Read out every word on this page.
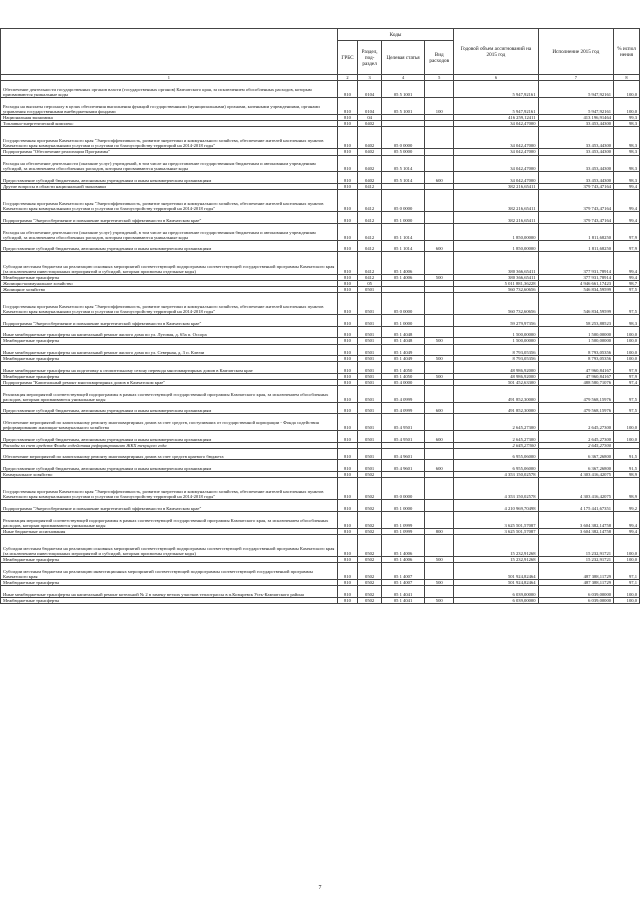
	Коды				Годовой объем ассигнований на 2015 год	Исполнение 2015 год	% испол нения
	ГРБС	Раздел, под-раздел	Целевая статья	Вид расходов			
1	2	3	4	5	6	7	8
Обеспечение деятельности государственных органов власти (государственных органов) Камчатского края, за исключением обособленных расходов, которым присваиваются уникальные коды	810	0104	05 5 1001		5 947,92161	5 947,92161	100,0
Расходы на выплаты персоналу в целях обеспечения выполнения функций государственными (муниципальными) органами, казенными учреждениями, органами управления государственными внебюджетными фондами	810	0104	05 5 1001	100	5 947,92161	5 947,92161	100,0
Национальная экономика	810	04			416 259,12411	413 196,91464	99,3
Топливно-энергетический комплекс	810	0402			34 042,47000	33 453,44300	98,3
Государственная программа Камчатского края "Энергоэффективность, развитие энергетики и коммунального хозяйства, обеспечение жителей населенных пунктов Камчатского края коммунальными услугами и услугами по благоустройству территорий на 2014-2018 годы"	810	0402	05 0 0000		34 042,47000	33 453,44300	98,3
Подпрограмма "Обеспечение реализации Программы"	810	0402	05 5 0000		34 042,47000	33 453,44300	98,3
Расходы на обеспечение деятельности (оказание услуг) учреждений, в том числе на предоставление государственным бюджетным и автономным учреждениям субсидий, за исключением обособленных расходов, которым присваиваются уникальные коды	810	0402	05 5 1014		34 042,47000	33 453,44300	98,3
Предоставление субсидий бюджетным, автономным учреждениям и иным некоммерческим организациям	810	0402	05 5 1014	600	34 042,47000	33 453,44300	98,3
Другие вопросы в области национальной экономики	810	0412			382 216,65411	379 743,47164	99,4
Государственная программа Камчатского края "Энергоэффективность, развитие энергетики и коммунального хозяйства, обеспечение жителей населенных пунктов Камчатского края коммунальными услугами и услугами по благоустройству территорий на 2014-2018 годы"	810	0412	05 0 0000		382 216,65411	379 743,47164	99,4
Подпрограмма "Энергосбережение и повышение энергетической эффективности в Камчатском крае"	810	0412	05 1 0000		382 216,65411	379 743,47164	99,4
Расходы на обеспечение деятельности (оказание услуг) учреждений, в том числе на предоставление государственным бюджетным и автономным учреждениям субсидий, за исключением обособленных расходов, которым присваиваются уникальные коды	810	0412	05 1 1014		1 850,00000	1 811,68250	97,9
Предоставление субсидий бюджетным, автономным учреждениям и иным некоммерческим организациям	810	0412	05 1 1014	600	1 850,00000	1 811,68250	97,9
Субсидии местным бюджетам на реализацию основных мероприятий соответствующей подпрограммы соответствующей государственной программы Камчатского края (за исключением инвестиционных мероприятий и субсидий, которым присвоены отдельные коды)	810	0412	05 1 4006		380 366,65411	377 931,78914	99,4
Межбюджетные трансферты	810	0412	05 1 4006	500	380 366,65411	377 931,78914	99,4
Жилищно-коммунальное хозяйство	810	05			5 011 881,36228	4 946 661,17423	98,7
Жилищное хозяйство	810	0501			560 732,60656	546 834,59599	97,5
Государственная программа Камчатского края "Энергоэффективность, развитие энергетики и коммунального хозяйства, обеспечение жителей населенных пунктов Камчатского края коммунальными услугами и услугами по благоустройству территорий на 2014-2018 годы"	810	0501	05 0 0000		560 732,60656	546 834,59599	97,5
Подпрограмма "Энергосбережение и повышение энергетической эффективности в Камчатском крае"	810	0501	05 1 0000		59 279,97356	58 253,88523	98,3
Иные межбюджетные трансферты на капитальный ремонт жилого дома по ул. Луговая, д. 65а п. Оссора	810	0501	05 1 4048		1 500,00000	1 500,00000	100,0
Межбюджетные трансферты	810	0501	05 1 4048	500	1 500,00000	1 500,00000	100,0
Иные межбюджетные трансферты на капитальный ремонт жилого дома по ул. Северная, д. 3 п. Ключи	810	0501	05 1 4049		8 793,05356	8 793,05356	100,0
Межбюджетные трансферты	810	0501	05 1 4049	500	8 793,05356	8 793,05356	100,0
Иные межбюджетные трансферты на подготовку к отопительному сезону перевода многоквартирных домов в Камчатском крае	810	0501	05 1 4050		48 986,92000	47 960,84167	97,9
Межбюджетные трансферты	810	0501	05 1 4050	500	48 986,92000	47 960,84167	97,9
Подпрограмма "Капитальный ремонт многоквартирных домов в Камчатском крае"	810	0501	05 4 0000		501 452,63300	488 580,71076	97,4
Реализация мероприятий соответствующей подпрограммы в рамках соответствующей государственной программы Камчатского края, за исключением обособленных расходов, которым присваиваются уникальные коды	810	0501	05 4 0999		491 852,30000	479 568,15976	97,5
Предоставление субсидий бюджетным, автономным учреждениям и иным некоммерческим организациям	810	0501	05 4 0999	600	491 852,30000	479 568,15976	97,5
Обеспечение мероприятий по капитальному ремонту многоквартирных домов за счет средств, поступивших от государственной корпорации - Фонда содействия реформированию жилищно-коммунального хозяйства	810	0501	05 4 9501		2 645,27300	2 645,27300	100,0
Предоставление субсидий бюджетным, автономным учреждениям и иным некоммерческим организациям	810	0501	05 4 9501	600	2 645,27300	2 645,27300	100,0
Расходы за счет средств Фонда содействия реформированию ЖКХ текущего года					2 645,27300	2 645,27300	
Обеспечение мероприятий по капитальному ремонту многоквартирных домов за счет средств краевого бюджета	810	0501	05 4 9601		6 955,06000	6 367,26800	91,5
Предоставление субсидий бюджетным, автономным учреждениям и иным некоммерческим организациям	810	0501	05 4 9601	600	6 955,06000	6 367,26800	91,5
Коммунальное хозяйство	810	0502			4 353 150,02578	4 303 416,42075	98,9
Государственная программа Камчатского края "Энергоэффективность, развитие энергетики и коммунального хозяйства, обеспечение жителей населенных пунктов Камчатского края коммунальными услугами и услугами по благоустройству территорий на 2014-2018 годы"	810	0502	05 0 0000		4 353 150,02578	4 303 416,42075	98,9
Подпрограмма "Энергосбережение и повышение энергетической эффективности в Камчатском крае"	810	0502	05 1 0000		4 210 969,70498	4 175 441,67351	99,2
Реализация мероприятий соответствующей подпрограммы в рамках соответствующей государственной программы Камчатского края, за исключением обособленных расходов, которым присваиваются уникальные коды	810	0502	05 1 0999		3 625 501,57087	3 604 382,14758	99,4
Иные бюджетные ассигнования	810	0502	05 1 0999	800	3 625 501,57087	3 604 382,14758	99,4
Субсидии местным бюджетам на реализацию основных мероприятий соответствующей подпрограммы соответствующей государственной программы Камчатского края (за исключением инвестиционных мероприятий и субсидий, которым присвоены отдельные коды)	810	0502	05 1 4006		15 232,91268	15 232,91721	100,0
Межбюджетные трансферты	810	0502	05 1 4006	500	15 232,91268	15 232,91721	100,0
Субсидии местным бюджетам на реализацию инвестиционных мероприятий соответствующей подпрограммы соответствующей государственной программы Камчатского края	810	0502	05 1 4007		501 924,82464	487 388,11729	97,1
Межбюджетные трансферты	810	0502	05 1 4007	500	501 924,82464	487 388,11729	97,1
Иные межбюджетные трансферты на капитальный ремонт котельной № 2 в замену ветхих участков теплотрассы в п.Козыревск Усть-Камчатского района	810	0502	05 1 4041		6 039,00000	6 039,00000	100,0
Межбюджетные трансферты	810	0502	05 1 4041	500	6 039,00000	6 039,00000	100,0
7
